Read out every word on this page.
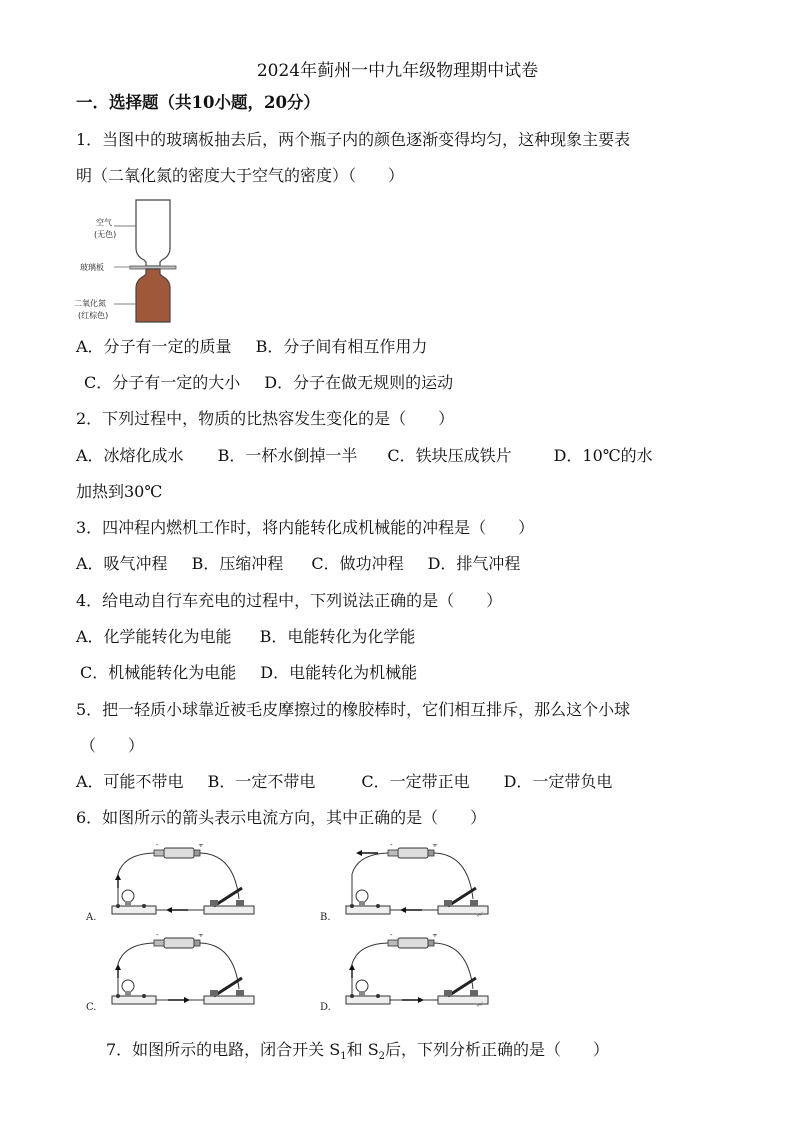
2024年蓟州一中九年级物理期中试卷
一．选择题（共10小题，20分）
1．当图中的玻璃板抽去后，两个瓶子内的颜色逐渐变得均匀，这种现象主要表
明（二氧化氮的密度大于空气的密度）（　　）
空气
(无色)
玻璃板
二氧化氮
(红棕色)
A．分子有一定的质量 B．分子间有相互作用力
C．分子有一定的大小 D．分子在做无规则的运动
2．下列过程中，物质的比热容发生变化的是（　　）
A．冰熔化成水 B．一杯水倒掉一半 C．铁块压成铁片	D．10℃的水
加热到30℃
3．四冲程内燃机工作时，将内能转化成机械能的冲程是（　　）
A．吸气冲程 B．压缩冲程 C．做功冲程 D．排气冲程
4．给电动自行车充电的过程中，下列说法正确的是（　　）
A．化学能转化为电能 B．电能转化为化学能
C．机械能转化为电能 D．电能转化为机械能
5．把一轻质小球靠近被毛皮摩擦过的橡胶棒时，它们相互排斥，那么这个小球
（　　）
A．可能不带电 B．一定不带电	C．一定带正电 D．一定带负电
6．如图所示的箭头表示电流方向，其中正确的是（　　）
A.	B.	↵
C.	D.	↵
7．如图所示的电路，闭合开关 $S_1$和 $S_2$后，下列分析正确的是（　　）
